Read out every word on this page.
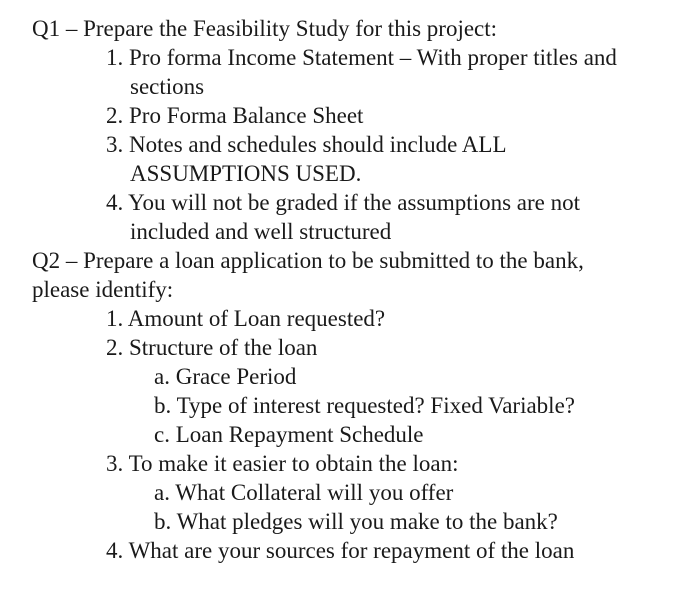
Q1 – Prepare the Feasibility Study for this project:
1. Pro forma Income Statement – With proper titles and
sections
2. Pro Forma Balance Sheet
3. Notes and schedules should include ALL
ASSUMPTIONS USED.
4. You will not be graded if the assumptions are not
included and well structured
Q2 – Prepare a loan application to be submitted to the bank,
please identify:
1. Amount of Loan requested?
2. Structure of the loan
a. Grace Period
b. Type of interest requested? Fixed Variable?
c. Loan Repayment Schedule
3. To make it easier to obtain the loan:
a. What Collateral will you offer
b. What pledges will you make to the bank?
4. What are your sources for repayment of the loan
